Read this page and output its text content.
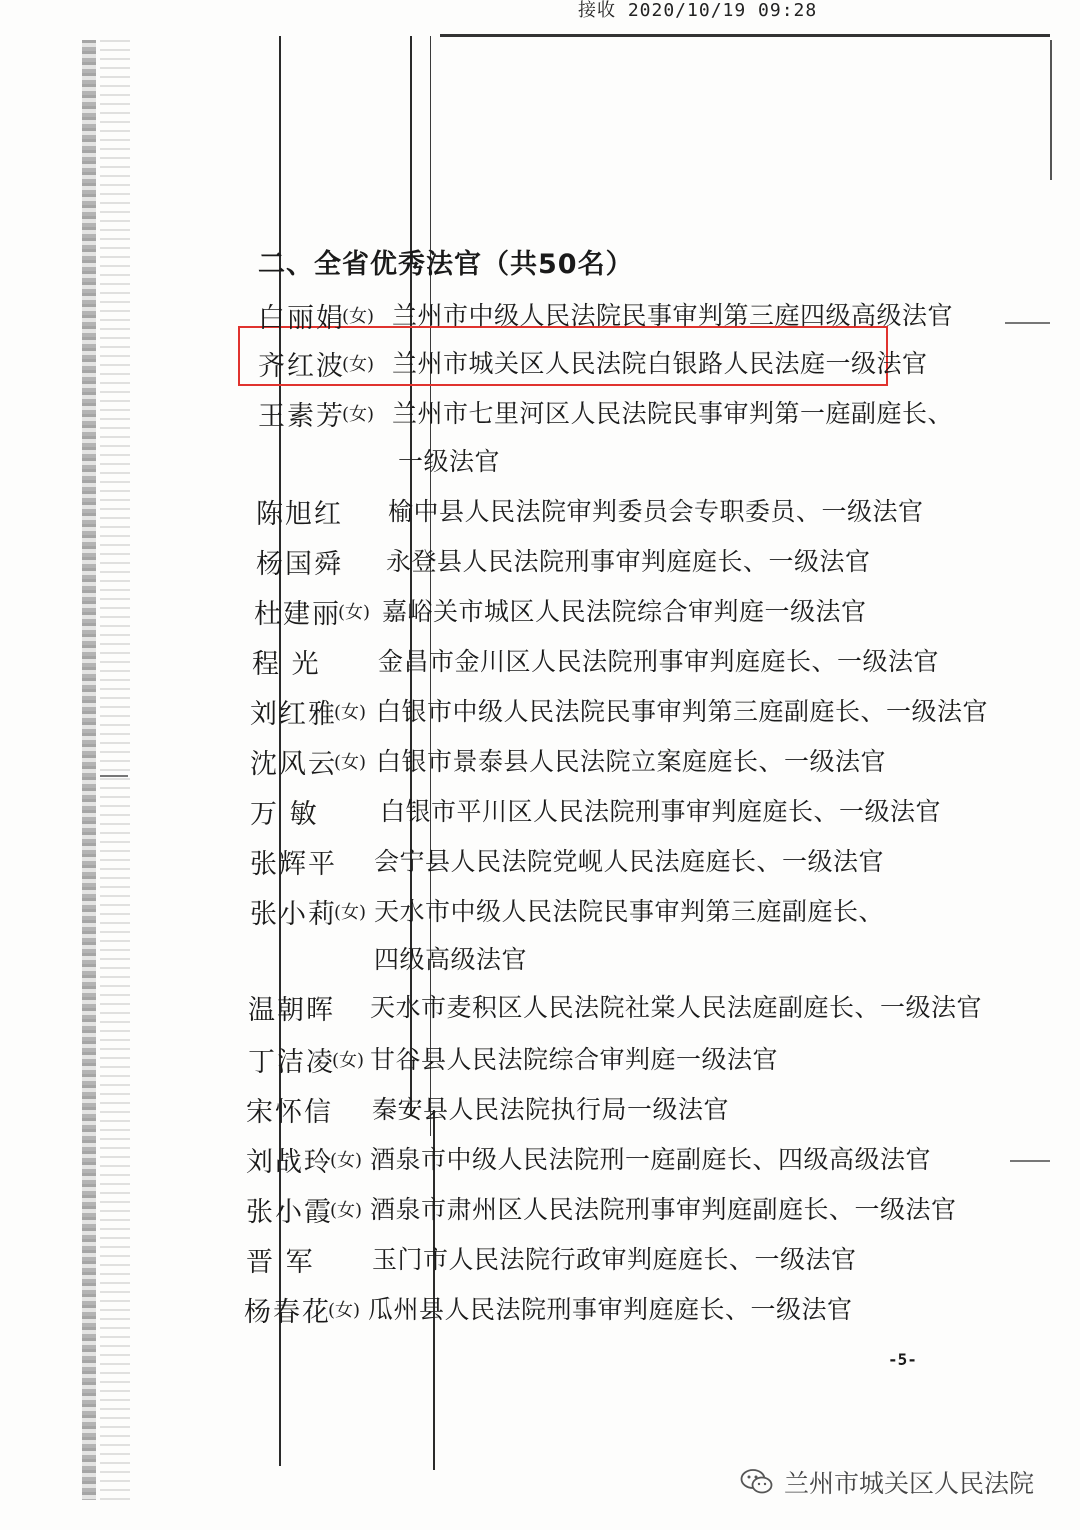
接收 2020/10/19 09:28
二、全省优秀法官（共50名）
白丽娟
(女) 兰州市中级人民法院民事审判第三庭四级高级法官
齐红波
(女) 兰州市城关区人民法院白银路人民法庭一级法官
王素芳
(女) 兰州市七里河区人民法院民事审判第一庭副庭长、
一级法官
陈旭红 榆中县人民法院审判委员会专职委员、一级法官
杨国舜 永登县人民法院刑事审判庭庭长、一级法官
杜建丽
(女) 嘉峪关市城区人民法院综合审判庭一级法官
程 光 金昌市金川区人民法院刑事审判庭庭长、一级法官
刘红雅
(女) 白银市中级人民法院民事审判第三庭副庭长、一级法官
沈风云
(女) 白银市景泰县人民法院立案庭庭长、一级法官
万 敏 白银市平川区人民法院刑事审判庭庭长、一级法官
张辉平 会宁县人民法院党岘人民法庭庭长、一级法官
张小莉
(女) 天水市中级人民法院民事审判第三庭副庭长、
四级高级法官
温朝晖 天水市麦积区人民法院社棠人民法庭副庭长、一级法官
丁洁凌
(女) 甘谷县人民法院综合审判庭一级法官
宋怀信 秦安县人民法院执行局一级法官
刘战玲
(女) 酒泉市中级人民法院刑一庭副庭长、四级高级法官
张小霞
(女) 酒泉市肃州区人民法院刑事审判庭副庭长、一级法官
晋 军 玉门市人民法院行政审判庭庭长、一级法官
杨春花
(女) 瓜州县人民法院刑事审判庭庭长、一级法官
-5-
兰州市城关区人民法院
